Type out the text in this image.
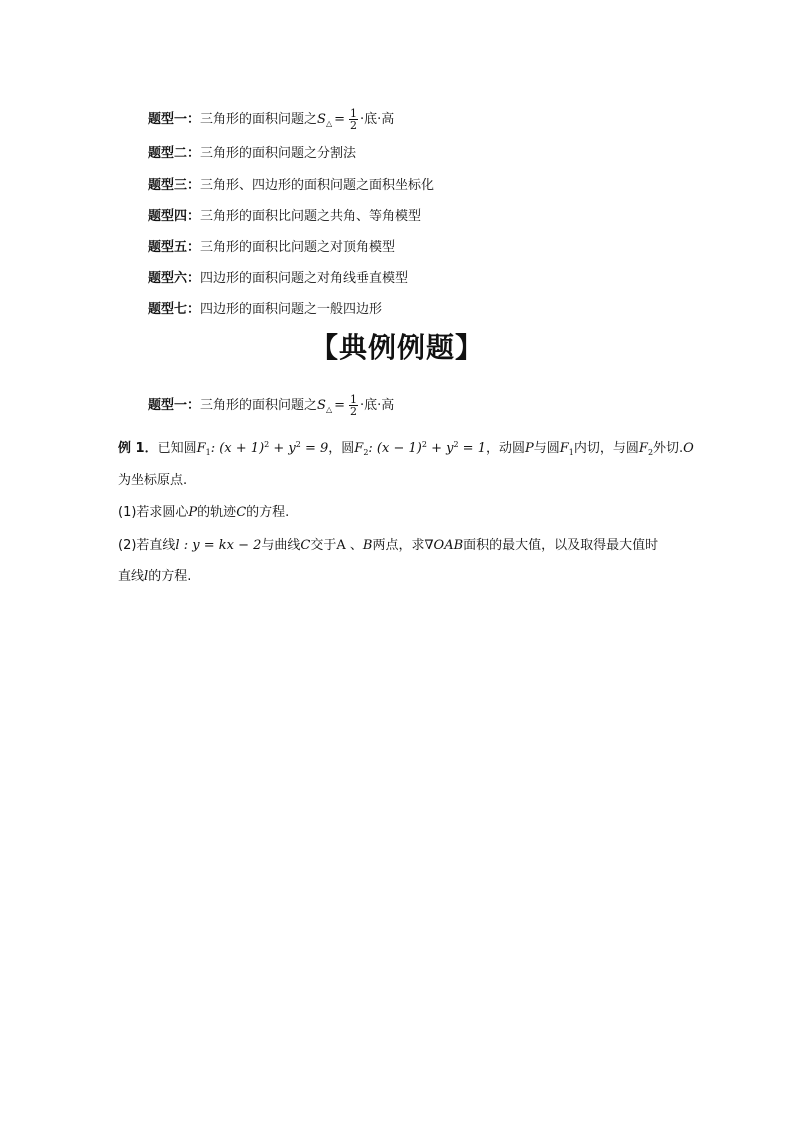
题型一：三角形的面积问题之$S_\triangle = \frac{1}{2}$ ·底·高
题型二：三角形的面积问题之分割法
题型三：三角形、四边形的面积问题之面积坐标化
题型四：三角形的面积比问题之共角、等角模型
题型五：三角形的面积比问题之对顶角模型
题型六：四边形的面积问题之对角线垂直模型
题型七：四边形的面积问题之一般四边形
【典例例题】
题型一：三角形的面积问题之$S_\triangle = \frac{1}{2}$ ·底·高
例 1．已知圆$F_1$: $(x + 1)^2 + y^2 = 9$，圆$F_2$: $(x - 1)^2 + y^2 = 1$，动圆P与圆$F_1$内切，与圆$F_2$外切.O
为坐标原点.
(1)若求圆心P的轨迹C的方程.
(2)若直线l : y = kx − 2与曲线C交于A 、B两点，求∇OAB面积的最大值，以及取得最大值时
直线l的方程.
